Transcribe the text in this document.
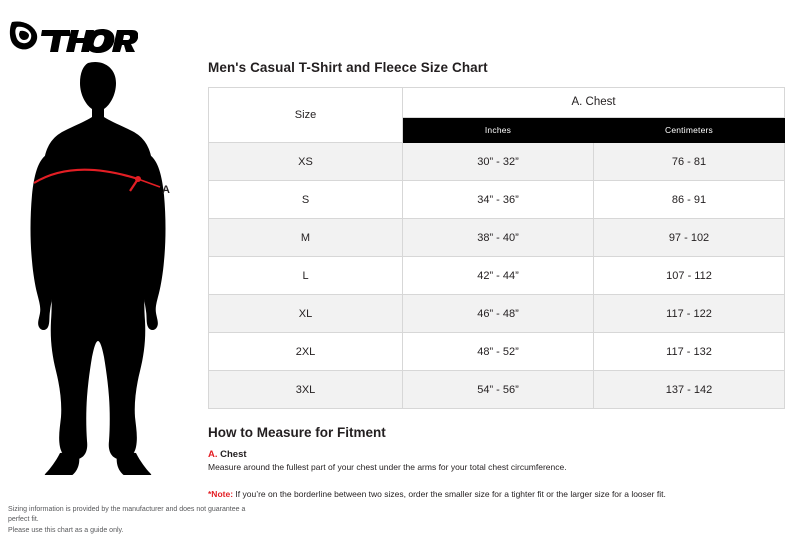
A
Men's Casual T-Shirt and Fleece Size Chart
Size	A. Chest	
	Inches	Centimeters
XS	30” - 32”	76 - 81
S	34” - 36”	86 - 91
M	38” - 40”	97 - 102
L	42” - 44”	107 - 112
XL	46” - 48”	117 - 122
2XL	48” - 52”	117 - 132
3XL	54” - 56”	137 - 142
How to Measure for Fitment

A. Chest

Measure around the fullest part of your chest under the arms for your total chest circumference.

*Note: If you’re on the borderline between two sizes, order the smaller size for a tighter fit or the larger size for a looser fit.

Sizing information is provided by the manufacturer and does not guarantee a perfect fit.
Please use this chart as a guide only.
